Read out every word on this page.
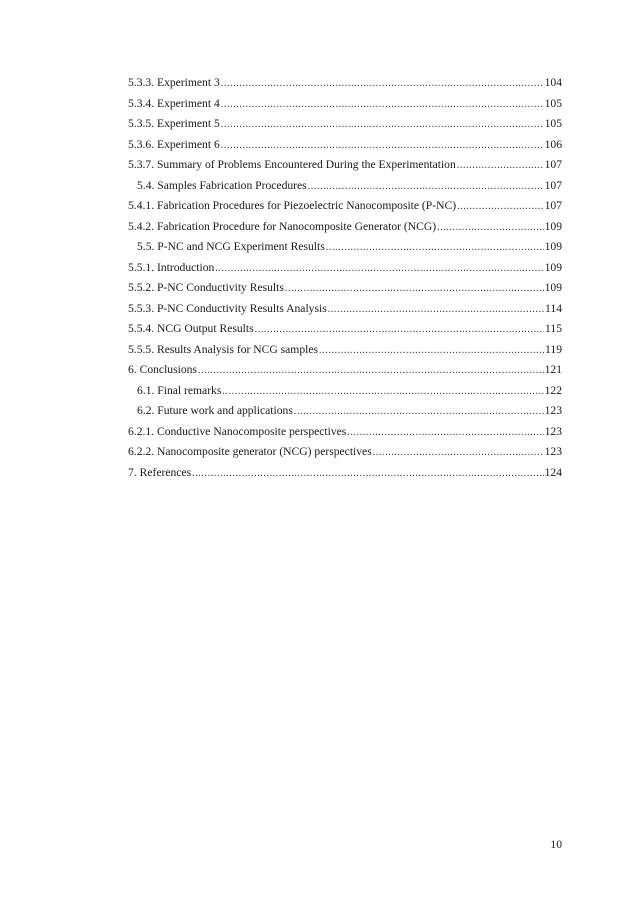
5.3.3. Experiment 3 .....	104
5.3.4. Experiment 4 .....	105
5.3.5. Experiment 5 .....	105
5.3.6. Experiment 6 .....	106
5.3.7. Summary of Problems Encountered During the Experimentation .....	107
5.4. Samples Fabrication Procedures .....	107
5.4.1. Fabrication Procedures for Piezoelectric Nanocomposite (P-NC) .....	107
5.4.2. Fabrication Procedure for Nanocomposite Generator (NCG) .....	109
5.5. P-NC and NCG Experiment Results .....	109
5.5.1. Introduction .....	109
5.5.2. P-NC Conductivity Results .....	109
5.5.3. P-NC Conductivity Results Analysis .....	114
5.5.4. NCG Output Results .....	115
5.5.5. Results Analysis for NCG samples .....	119
6. Conclusions .....	121
6.1. Final remarks .....	122
6.2. Future work and applications .....	123
6.2.1. Conductive Nanocomposite perspectives .....	123
6.2.2. Nanocomposite generator (NCG) perspectives .....	123
7. References .....	124
10
